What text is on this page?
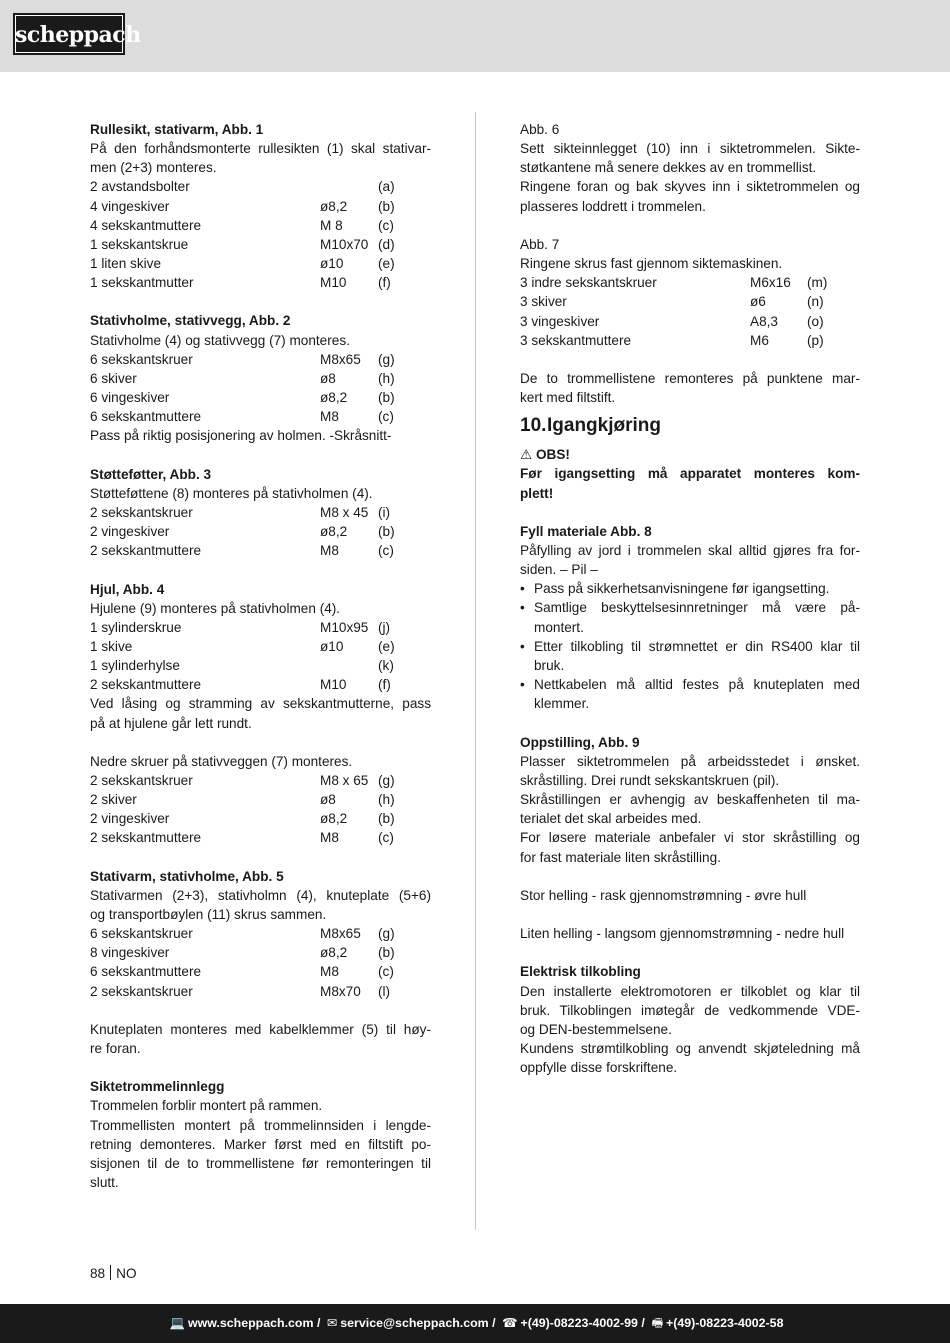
scheppach

Rullesikt, stativarm, Abb. 1

På den forhåndsmonterte rullesikten (1) skal stativar-

men (2+3) monteres.

2 avstandsbolter	(a)
4 vingeskiver	ø8,2	(b)
4 sekskantmuttere	M 8	(c)
1 sekskantskrue	M10x70 (d)
1 liten skive	ø10	(e)
1 sekskantmutter	M10	(f)

Stativholme, stativvegg, Abb. 2

Stativholme (4) og stativvegg (7) monteres.

6 sekskantskruer	M8x65	(g)
6 skiver	ø8	(h)
6 vingeskiver	ø8,2	(b)
6 sekskantmuttere	M8	(c)

Pass på riktig posisjonering av holmen. -Skråsnitt-

Støtteføtter, Abb. 3

Støtteføttene (8) monteres på stativholmen (4).

2 sekskantskruer	M8 x 45 (i)
2 vingeskiver	ø8,2	(b)
2 sekskantmuttere	M8	(c)

Hjul, Abb. 4

Hjulene (9) monteres på stativholmen (4).

1 sylinderskrue	M10x95 (j)
1 skive	ø10	(e)
1 sylinderhylse	(k)
2 sekskantmuttere	M10	(f)

Ved låsing og stramming av sekskantmutterne, pass

på at hjulene går lett rundt.

Nedre skruer på stativveggen (7) monteres.

2 sekskantskruer	M8 x 65 (g)
2 skiver	ø8	(h)
2 vingeskiver	ø8,2	(b)
2 sekskantmuttere	M8	(c)

Stativarm, stativholme, Abb. 5

Stativarmen (2+3), stativholmn (4), knuteplate (5+6)

og transportbøylen (11) skrus sammen.

6 sekskantskruer	M8x65	(g)
8 vingeskiver	ø8,2	(b)
6 sekskantmuttere	M8	(c)
2 sekskantskruer	M8x70	(l)

Knuteplaten monteres med kabelklemmer (5) til høy-

re foran.

Siktetrommelinnlegg

Trommelen forblir montert på rammen.

Trommellisten montert på trommelinnsiden i lengde-

retning demonteres. Marker først med en filtstift po-

sisjonen til de to trommellistene før remonteringen til

slutt.

Abb. 6

Sett sikteinnlegget (10) inn i siktetrommelen. Sikte-

støtkantene må senere dekkes av en trommellist.

Ringene foran og bak skyves inn i siktetrommelen og

plasseres loddrett i trommelen.

Abb. 7

Ringene skrus fast gjennom siktemaskinen.

3 indre sekskantskruer	M6x16	(m)
3 skiver	ø6	(n)
3 vingeskiver	A8,3	(o)
3 sekskantmuttere	M6	(p)

De to trommellistene remonteres på punktene mar-

kert med filtstift.

10.Igangkjøring

⚠ OBS!

Før igangsetting må apparatet monteres kom-

plett!

Fyll materiale Abb. 8

Påfylling av jord i trommelen skal alltid gjøres fra for-

siden. – Pil –

• Pass på sikkerhetsanvisningene før igangsetting.

• Samtlige beskyttelsesinnretninger må være på-

montert.

• Etter tilkobling til strømnettet er din RS400 klar til

bruk.

• Nettkabelen må alltid festes på knuteplaten med

klemmer.

Oppstilling, Abb. 9

Plasser siktetrommelen på arbeidsstedet i ønsket.

skråstilling. Drei rundt sekskantskruen (pil).

Skråstillingen er avhengig av beskaffenheten til ma-

terialet det skal arbeides med.

For løsere materiale anbefaler vi stor skråstilling og

for fast materiale liten skråstilling.

Stor helling - rask gjennomstrømning - øvre hull

Liten helling - langsom gjennomstrømning - nedre hull

Elektrisk tilkobling

Den installerte elektromotoren er tilkoblet og klar til

bruk. Tilkoblingen imøtegår de vedkommende VDE-

og DEN-bestemmelsene.

Kundens strømtilkobling og anvendt skjøteledning må

oppfylle disse forskriftene.

88 NO
💻 www.scheppach.com / ✉ service@scheppach.com / ☎ +(49)-08223-4002-99 / 🖷 +(49)-08223-4002-58
